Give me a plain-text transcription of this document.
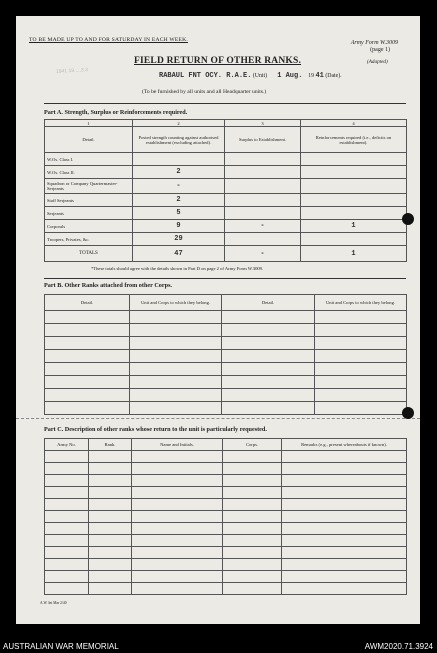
TO BE MADE UP TO AND FOR SATURDAY IN EACH WEEK.	Army Form W.3009
(page 1)
1941 19.....3.3
FIELD RETURN OF OTHER RANKS.	(Adapted)
RABAUL FNT OCY. R.A.E. (Unit) 1 Aug. 19 41 (Date).
(To be furnished by all units and all Headquarter units.)
Part A. Strength, Surplus or Reinforcements required.
1	2	3	4
Detail.	Posted strength counting against authorised establishment (excluding attached).	Surplus to Establishment.	Reinforcements required (i.e., deficits on establishment).
W.Os. Class I.			
W.Os. Class II.	2		
Squadron or Company Quartermaster-Serjeants	-		
Staff Serjeants	2		
Serjeants	5		
Corporals	9	-	1
Troopers, Privates, &c.	29		
TOTALS	47	-	1
*These totals should agree with the details shown in Part D on page 2 of Army Form W.3009.
Part B. Other Ranks attached from other Corps.
Detail.	Unit and Corps to which they belong.	Detail.	Unit and Corps to which they belong.

Part C. Description of other ranks whose return to the unit is particularly requested.
Army No.	Rank.	Name and Initials.	Corps.	Remarks (e.g., present whereabouts if known).

A.W. Int Mar 2/40
AUSTRALIAN WAR MEMORIAL	AWM2020.71.3924
